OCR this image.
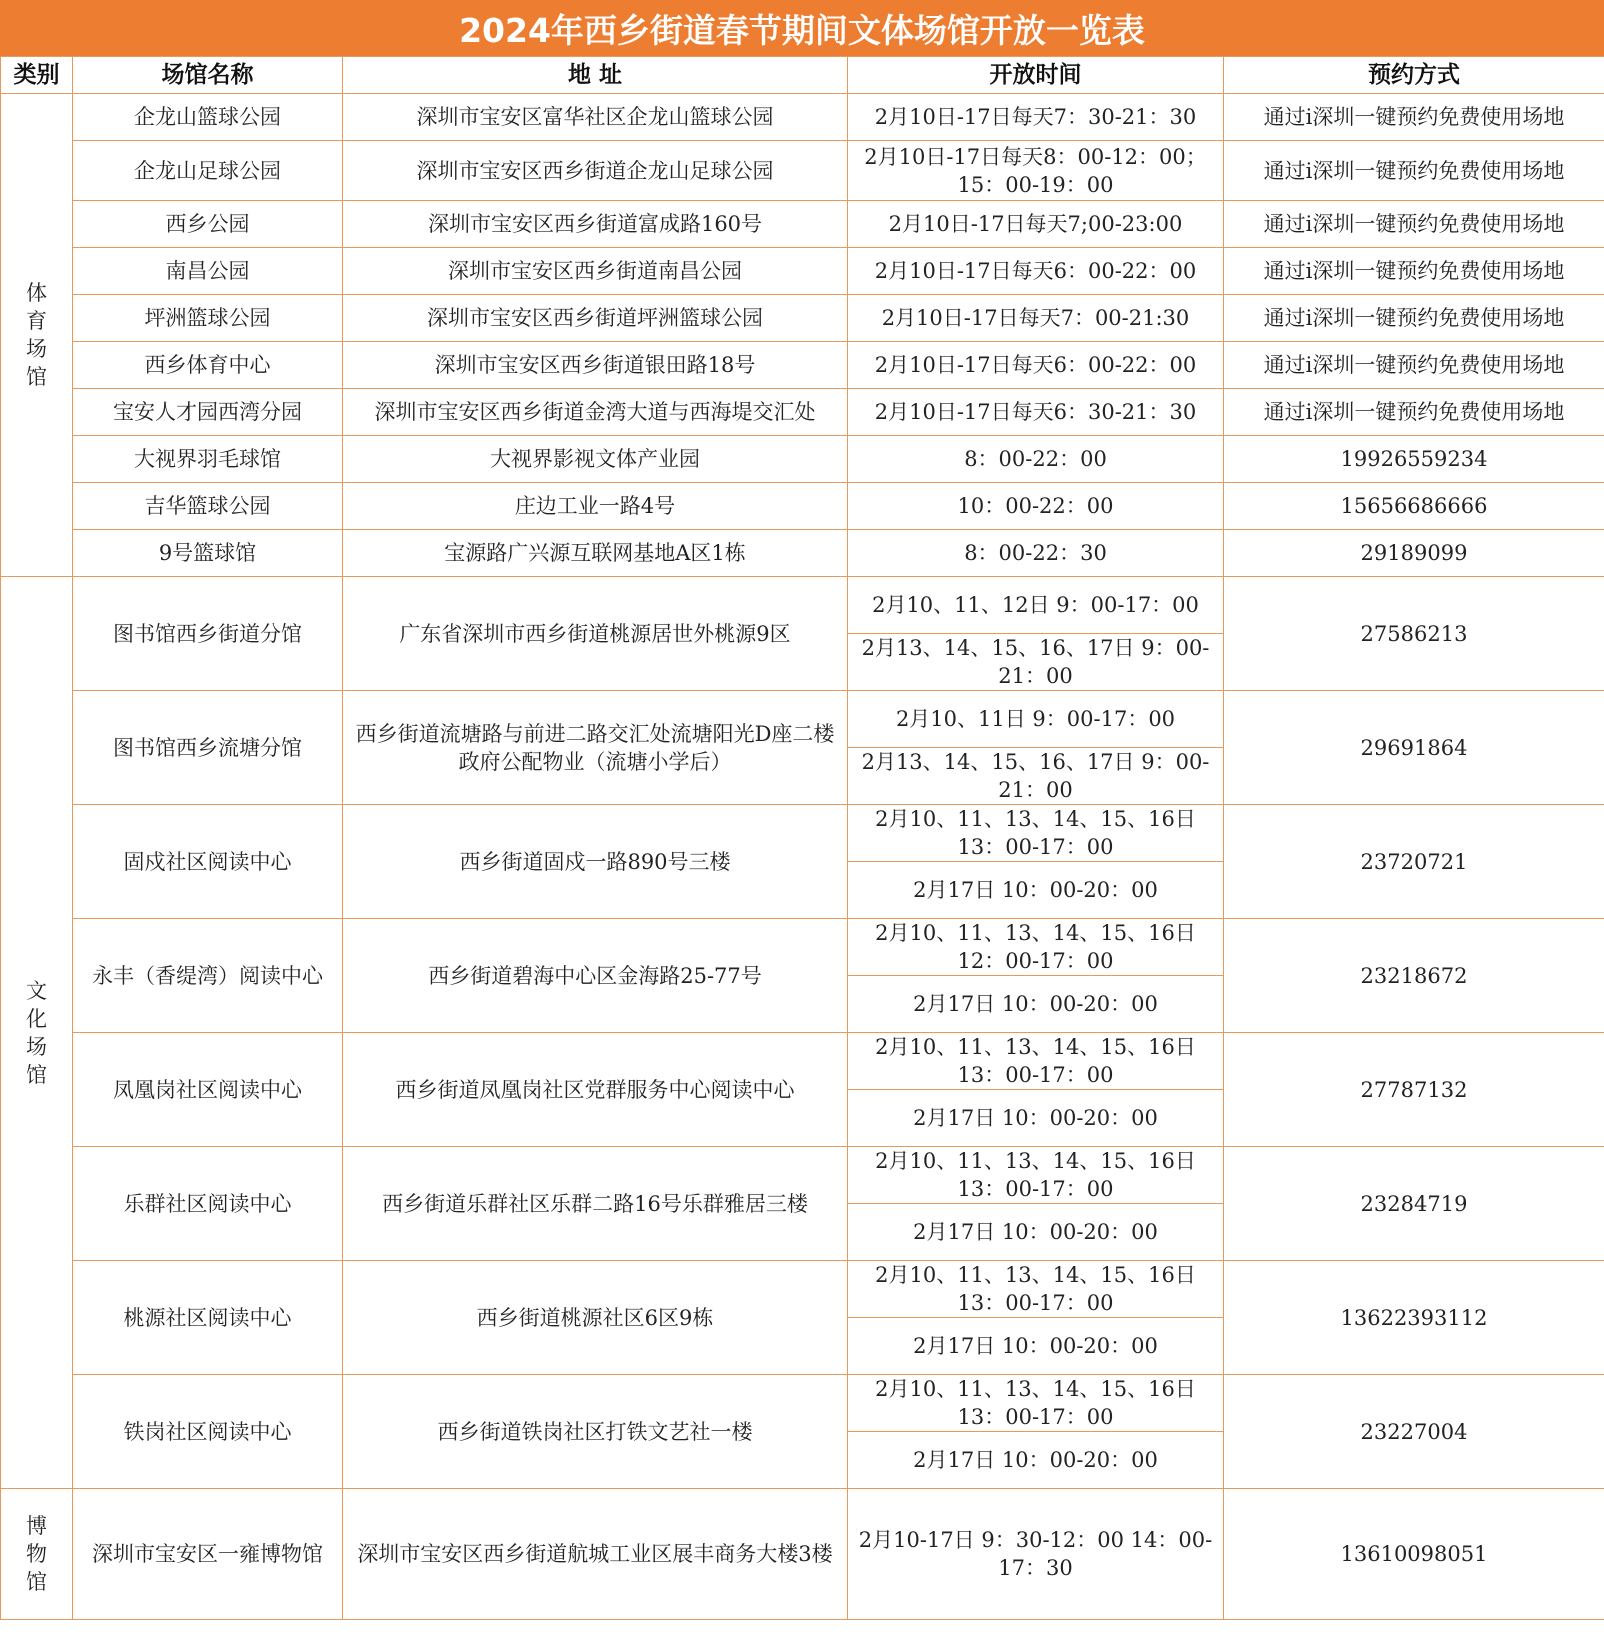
2024年西乡街道春节期间文体场馆开放一览表
类别	场馆名称	地 址	开放时间	预约方式

体
育
场
馆	企龙山篮球公园	深圳市宝安区富华社区企龙山篮球公园	2月10日-17日每天7：30-21：30	通过i深圳一键预约免费使用场地
	企龙山足球公园	深圳市宝安区西乡街道企龙山足球公园	2月10日-17日每天8：00-12：00；15：00-19：00	通过i深圳一键预约免费使用场地
	西乡公园	深圳市宝安区西乡街道富成路160号	2月10日-17日每天7;00-23:00	通过i深圳一键预约免费使用场地
	南昌公园	深圳市宝安区西乡街道南昌公园	2月10日-17日每天6：00-22：00	通过i深圳一键预约免费使用场地
	坪洲篮球公园	深圳市宝安区西乡街道坪洲篮球公园	2月10日-17日每天7：00-21:30	通过i深圳一键预约免费使用场地
	西乡体育中心	深圳市宝安区西乡街道银田路18号	2月10日-17日每天6：00-22：00	通过i深圳一键预约免费使用场地
	宝安人才园西湾分园	深圳市宝安区西乡街道金湾大道与西海堤交汇处	2月10日-17日每天6：30-21：30	通过i深圳一键预约免费使用场地
	大视界羽毛球馆	大视界影视文体产业园	8：00-22：00	19926559234
	吉华篮球公园	庄边工业一路4号	10：00-22：00	15656686666
	9号篮球馆	宝源路广兴源互联网基地A区1栋	8：00-22：30	29189099

文
化
场
馆	图书馆西乡街道分馆	广东省深圳市西乡街道桃源居世外桃源9区	2月10、11、12日 9：00-17：00	27586213
			2月13、14、15、16、17日 9：00-21：00	
	图书馆西乡流塘分馆	西乡街道流塘路与前进二路交汇处流塘阳光D座二楼政府公配物业（流塘小学后）	2月10、11日 9：00-17：00	29691864
			2月13、14、15、16、17日 9：00-21：00	
	固戍社区阅读中心	西乡街道固戍一路890号三楼	2月10、11、13、14、15、16日 13：00-17：00	23720721
			2月17日 10：00-20：00	
	永丰（香缇湾）阅读中心	西乡街道碧海中心区金海路25-77号	2月10、11、13、14、15、16日 12：00-17：00	23218672
			2月17日 10：00-20：00	
	凤凰岗社区阅读中心	西乡街道凤凰岗社区党群服务中心阅读中心	2月10、11、13、14、15、16日 13：00-17：00	27787132
			2月17日 10：00-20：00	
	乐群社区阅读中心	西乡街道乐群社区乐群二路16号乐群雅居三楼	2月10、11、13、14、15、16日 13：00-17：00	23284719
			2月17日 10：00-20：00	
	桃源社区阅读中心	西乡街道桃源社区6区9栋	2月10、11、13、14、15、16日 13：00-17：00	13622393112
			2月17日 10：00-20：00	
	铁岗社区阅读中心	西乡街道铁岗社区打铁文艺社一楼	2月10、11、13、14、15、16日 13：00-17：00	23227004
			2月17日 10：00-20：00	

博
物
馆	深圳市宝安区一雍博物馆	深圳市宝安区西乡街道航城工业区展丰商务大楼3楼	2月10-17日 9：30-12：00 14：00-17：30	13610098051
